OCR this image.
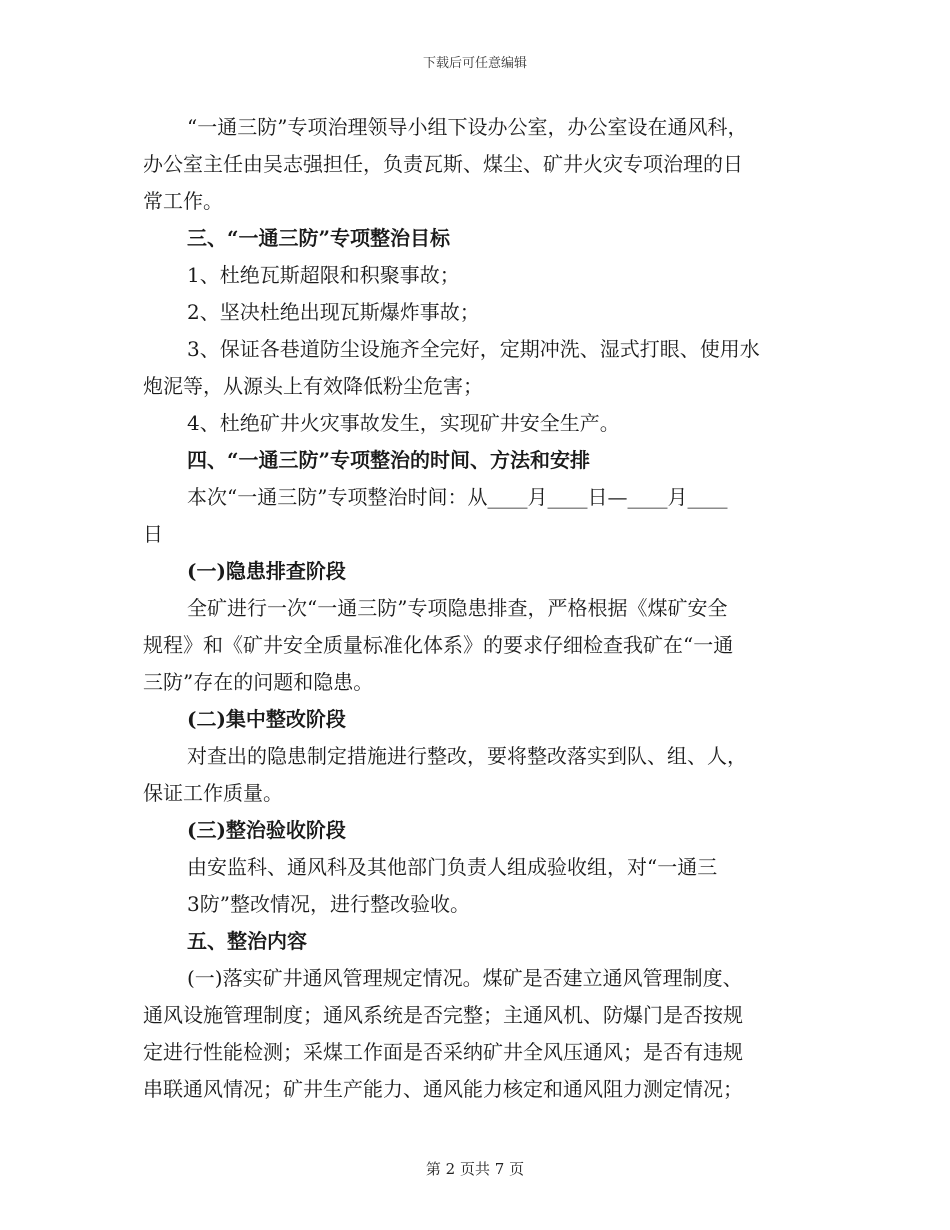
下载后可任意编辑
“一通三防”专项治理领导小组下设办公室，办公室设在通风科，
办公室主任由吴志强担任，负责瓦斯、煤尘、矿井火灾专项治理的日
常工作。
三、“一通三防”专项整治目标
1、杜绝瓦斯超限和积聚事故；
2、坚决杜绝出现瓦斯爆炸事故；
3、保证各巷道防尘设施齐全完好，定期冲洗、湿式打眼、使用水
炮泥等，从源头上有效降低粉尘危害；
4、杜绝矿井火灾事故发生，实现矿井安全生产。
四、“一通三防”专项整治的时间、方法和安排
本次“一通三防”专项整治时间：从____月____日—____月____
日
(一)隐患排查阶段
全矿进行一次“一通三防”专项隐患排查，严格根据《煤矿安全
规程》和《矿井安全质量标准化体系》的要求仔细检查我矿在“一通
三防”存在的问题和隐患。
(二)集中整改阶段
对查出的隐患制定措施进行整改，要将整改落实到队、组、人，
保证工作质量。
(三)整治验收阶段
由安监科、通风科及其他部门负责人组成验收组，对“一通三
3防”整改情况，进行整改验收。
五、整治内容
(一)落实矿井通风管理规定情况。煤矿是否建立通风管理制度、
通风设施管理制度；通风系统是否完整；主通风机、防爆门是否按规
定进行性能检测；采煤工作面是否采纳矿井全风压通风；是否有违规
串联通风情况；矿井生产能力、通风能力核定和通风阻力测定情况；
第 2 页共 7 页
